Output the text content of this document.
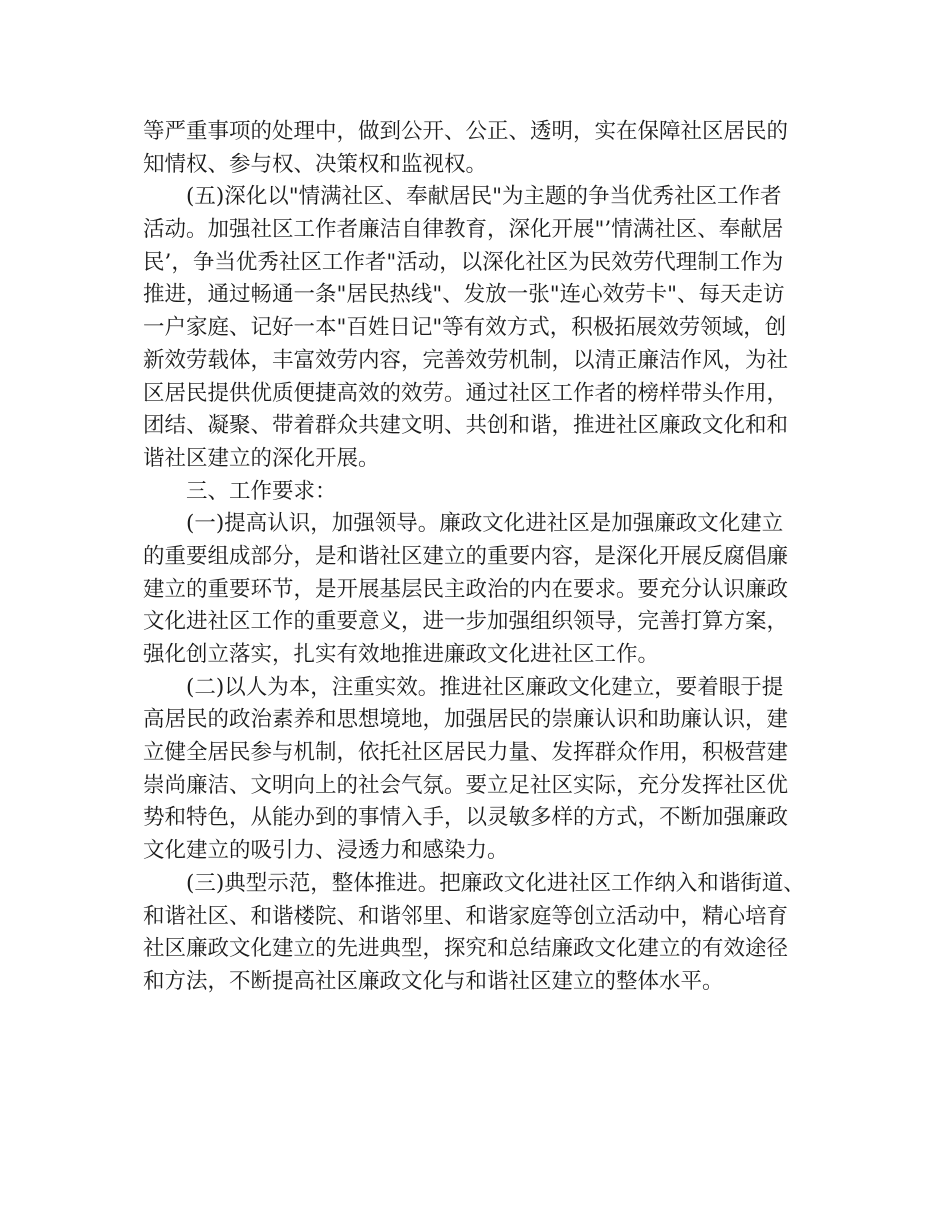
等严重事项的处理中，做到公开、公正、透明，实在保障社区居民的
知情权、参与权、决策权和监视权。
(五)深化以"情满社区、奉献居民"为主题的争当优秀社区工作者
活动。加强社区工作者廉洁自律教育，深化开展"’情满社区、奉献居
民’，争当优秀社区工作者"活动，以深化社区为民效劳代理制工作为
推进，通过畅通一条"居民热线"、发放一张"连心效劳卡"、每天走访
一户家庭、记好一本"百姓日记"等有效方式，积极拓展效劳领域，创
新效劳载体，丰富效劳内容，完善效劳机制，以清正廉洁作风，为社
区居民提供优质便捷高效的效劳。通过社区工作者的榜样带头作用，
团结、凝聚、带着群众共建文明、共创和谐，推进社区廉政文化和和
谐社区建立的深化开展。
三、工作要求：
(一)提高认识，加强领导。廉政文化进社区是加强廉政文化建立
的重要组成部分，是和谐社区建立的重要内容，是深化开展反腐倡廉
建立的重要环节，是开展基层民主政治的内在要求。要充分认识廉政
文化进社区工作的重要意义，进一步加强组织领导，完善打算方案，
强化创立落实，扎实有效地推进廉政文化进社区工作。
(二)以人为本，注重实效。推进社区廉政文化建立，要着眼于提
高居民的政治素养和思想境地，加强居民的崇廉认识和助廉认识，建
立健全居民参与机制，依托社区居民力量、发挥群众作用，积极营建
崇尚廉洁、文明向上的社会气氛。要立足社区实际，充分发挥社区优
势和特色，从能办到的事情入手，以灵敏多样的方式，不断加强廉政
文化建立的吸引力、浸透力和感染力。
(三)典型示范，整体推进。把廉政文化进社区工作纳入和谐街道、
和谐社区、和谐楼院、和谐邻里、和谐家庭等创立活动中，精心培育
社区廉政文化建立的先进典型，探究和总结廉政文化建立的有效途径
和方法，不断提高社区廉政文化与和谐社区建立的整体水平。
